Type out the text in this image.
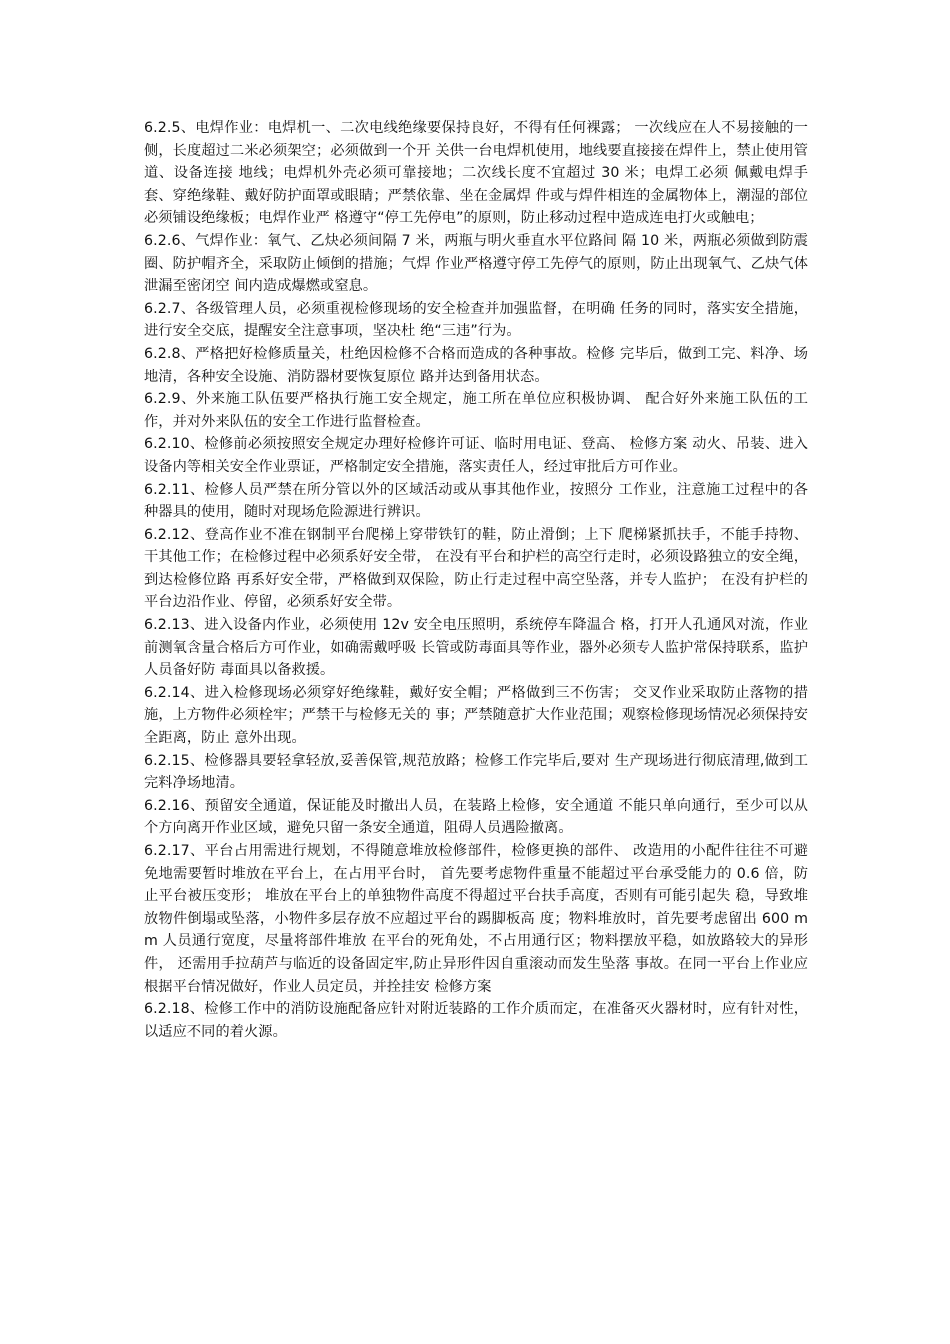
6.2.5、电焊作业：电焊机一、二次电线绝缘要保持良好，不得有任何裸露； 一次线应在人不易接触的一侧，长度超过二米必须架空；必须做到一个开 关供一台电焊机使用，地线要直接接在焊件上，禁止使用管道、设备连接 地线；电焊机外壳必须可靠接地；二次线长度不宜超过 30 米；电焊工必须 佩戴电焊手套、穿绝缘鞋、戴好防护面罩或眼睛；严禁依靠、坐在金属焊 件或与焊件相连的金属物体上，潮湿的部位必须铺设绝缘板；电焊作业严 格遵守“停工先停电”的原则，防止移动过程中造成连电打火或触电；

6.2.6、气焊作业：氧气、乙炔必须间隔 7 米，两瓶与明火垂直水平位路间 隔 10 米，两瓶必须做到防震圈、防护帽齐全，采取防止倾倒的措施；气焊 作业严格遵守停工先停气的原则，防止出现氧气、乙炔气体泄漏至密闭空 间内造成爆燃或窒息。

6.2.7、各级管理人员，必须重视检修现场的安全检查并加强监督，在明确 任务的同时，落实安全措施，进行安全交底，提醒安全注意事项，坚决杜 绝“三违”行为。

6.2.8、严格把好检修质量关，杜绝因检修不合格而造成的各种事故。检修 完毕后，做到工完、料净、场地清，各种安全设施、消防器材要恢复原位 路并达到备用状态。

6.2.9、外来施工队伍要严格执行施工安全规定，施工所在单位应积极协调、 配合好外来施工队伍的工作，并对外来队伍的安全工作进行监督检查。

6.2.10、检修前必须按照安全规定办理好检修许可证、临时用电证、登高、 检修方案 动火、吊装、进入设备内等相关安全作业票证，严格制定安全措施，落实责任人，经过审批后方可作业。

6.2.11、检修人员严禁在所分管以外的区域活动或从事其他作业，按照分 工作业，注意施工过程中的各种器具的使用，随时对现场危险源进行辨识。

6.2.12、登高作业不准在钢制平台爬梯上穿带铁钉的鞋，防止滑倒；上下 爬梯紧抓扶手，不能手持物、干其他工作；在检修过程中必须系好安全带， 在没有平台和护栏的高空行走时，必须设路独立的安全绳，到达检修位路 再系好安全带，严格做到双保险，防止行走过程中高空坠落，并专人监护； 在没有护栏的平台边沿作业、停留，必须系好安全带。

6.2.13、进入设备内作业，必须使用 12v 安全电压照明，系统停车降温合 格，打开人孔通风对流，作业前测氧含量合格后方可作业，如确需戴呼吸 长管或防毒面具等作业，器外必须专人监护常保持联系，监护人员备好防 毒面具以备救援。

6.2.14、进入检修现场必须穿好绝缘鞋，戴好安全帽；严格做到三不伤害； 交叉作业采取防止落物的措施，上方物件必须栓牢；严禁干与检修无关的 事；严禁随意扩大作业范围；观察检修现场情况必须保持安全距离，防止 意外出现。

6.2.15、检修器具要轻拿轻放,妥善保管,规范放路；检修工作完毕后,要对 生产现场进行彻底清理,做到工完料净场地清。

6.2.16、预留安全通道，保证能及时撤出人员，在装路上检修，安全通道 不能只单向通行，至少可以从 个方向离开作业区域，避免只留一条安全通道，阻碍人员遇险撤离。

6.2.17、平台占用需进行规划，不得随意堆放检修部件，检修更换的部件、 改造用的小配件往往不可避免地需要暂时堆放在平台上，在占用平台时， 首先要考虑物件重量不能超过平台承受能力的 0.6 倍，防止平台被压变形； 堆放在平台上的单独物件高度不得超过平台扶手高度，否则有可能引起失 稳，导致堆放物件倒塌或坠落，小物件多层存放不应超过平台的踢脚板高 度；物料堆放时，首先要考虑留出 600 mm 人员通行宽度，尽量将部件堆放 在平台的死角处，不占用通行区；物料摆放平稳，如放路较大的异形件， 还需用手拉葫芦与临近的设备固定牢,防止异形件因自重滚动而发生坠落 事故。在同一平台上作业应根据平台情况做好，作业人员定员，并拴挂安 检修方案

6.2.18、检修工作中的消防设施配备应针对附近装路的工作介质而定，在准备灭火器材时，应有针对性，以适应不同的着火源。
